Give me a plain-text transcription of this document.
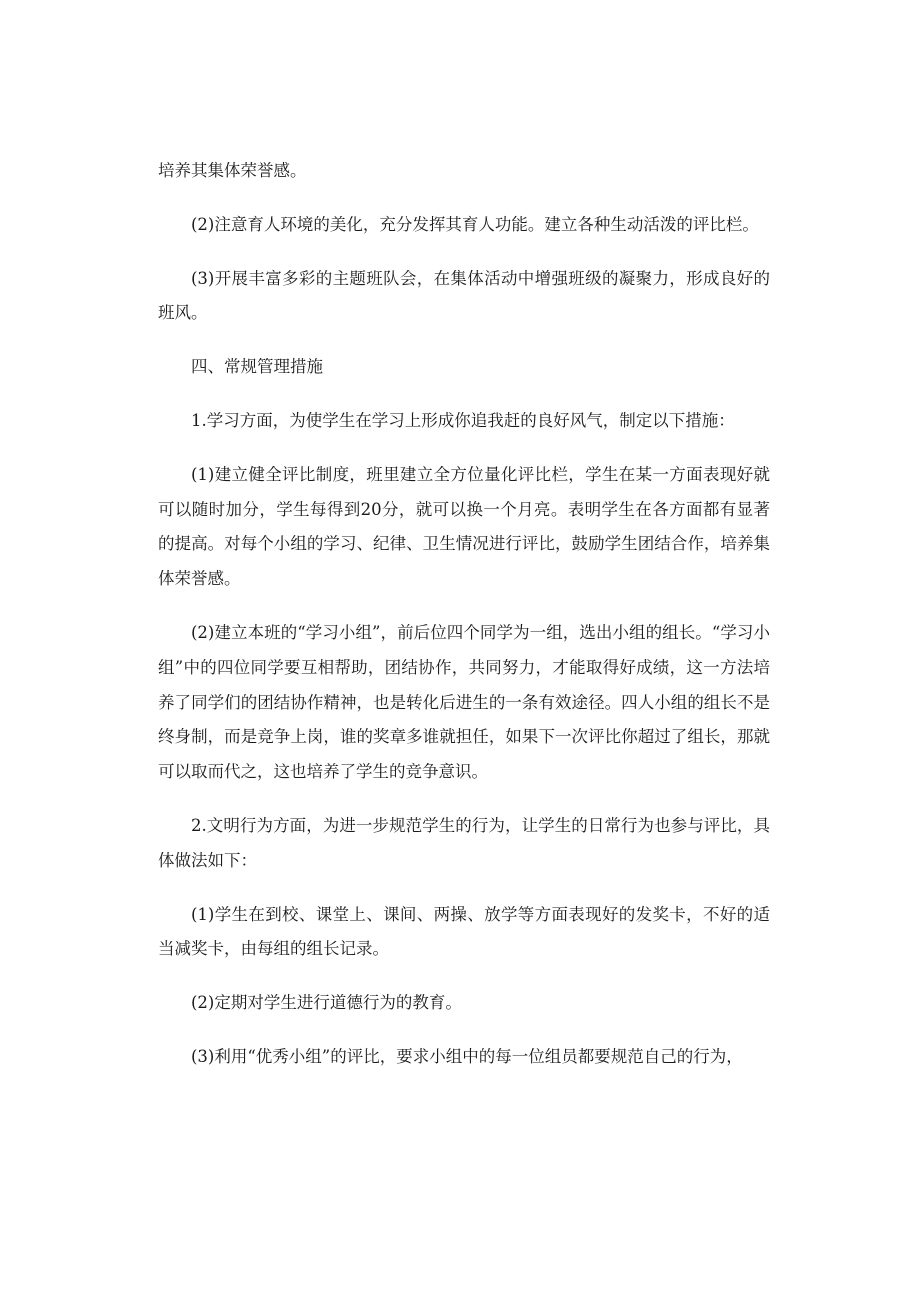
培养其集体荣誉感。

(2)注意育人环境的美化，充分发挥其育人功能。建立各种生动活泼的评比栏。

(3)开展丰富多彩的主题班队会，在集体活动中增强班级的凝聚力，形成良好的班风。

四、常规管理措施

1.学习方面，为使学生在学习上形成你追我赶的良好风气，制定以下措施：

(1)建立健全评比制度，班里建立全方位量化评比栏，学生在某一方面表现好就可以随时加分，学生每得到20分，就可以换一个月亮。表明学生在各方面都有显著的提高。对每个小组的学习、纪律、卫生情况进行评比，鼓励学生团结合作，培养集体荣誉感。

(2)建立本班的“学习小组”，前后位四个同学为一组，选出小组的组长。“学习小组”中的四位同学要互相帮助，团结协作，共同努力，才能取得好成绩，这一方法培养了同学们的团结协作精神，也是转化后进生的一条有效途径。四人小组的组长不是终身制，而是竞争上岗，谁的奖章多谁就担任，如果下一次评比你超过了组长，那就可以取而代之，这也培养了学生的竞争意识。

2.文明行为方面，为进一步规范学生的行为，让学生的日常行为也参与评比，具体做法如下：

(1)学生在到校、课堂上、课间、两操、放学等方面表现好的发奖卡，不好的适当减奖卡，由每组的组长记录。

(2)定期对学生进行道德行为的教育。

(3)利用“优秀小组”的评比，要求小组中的每一位组员都要规范自己的行为，
